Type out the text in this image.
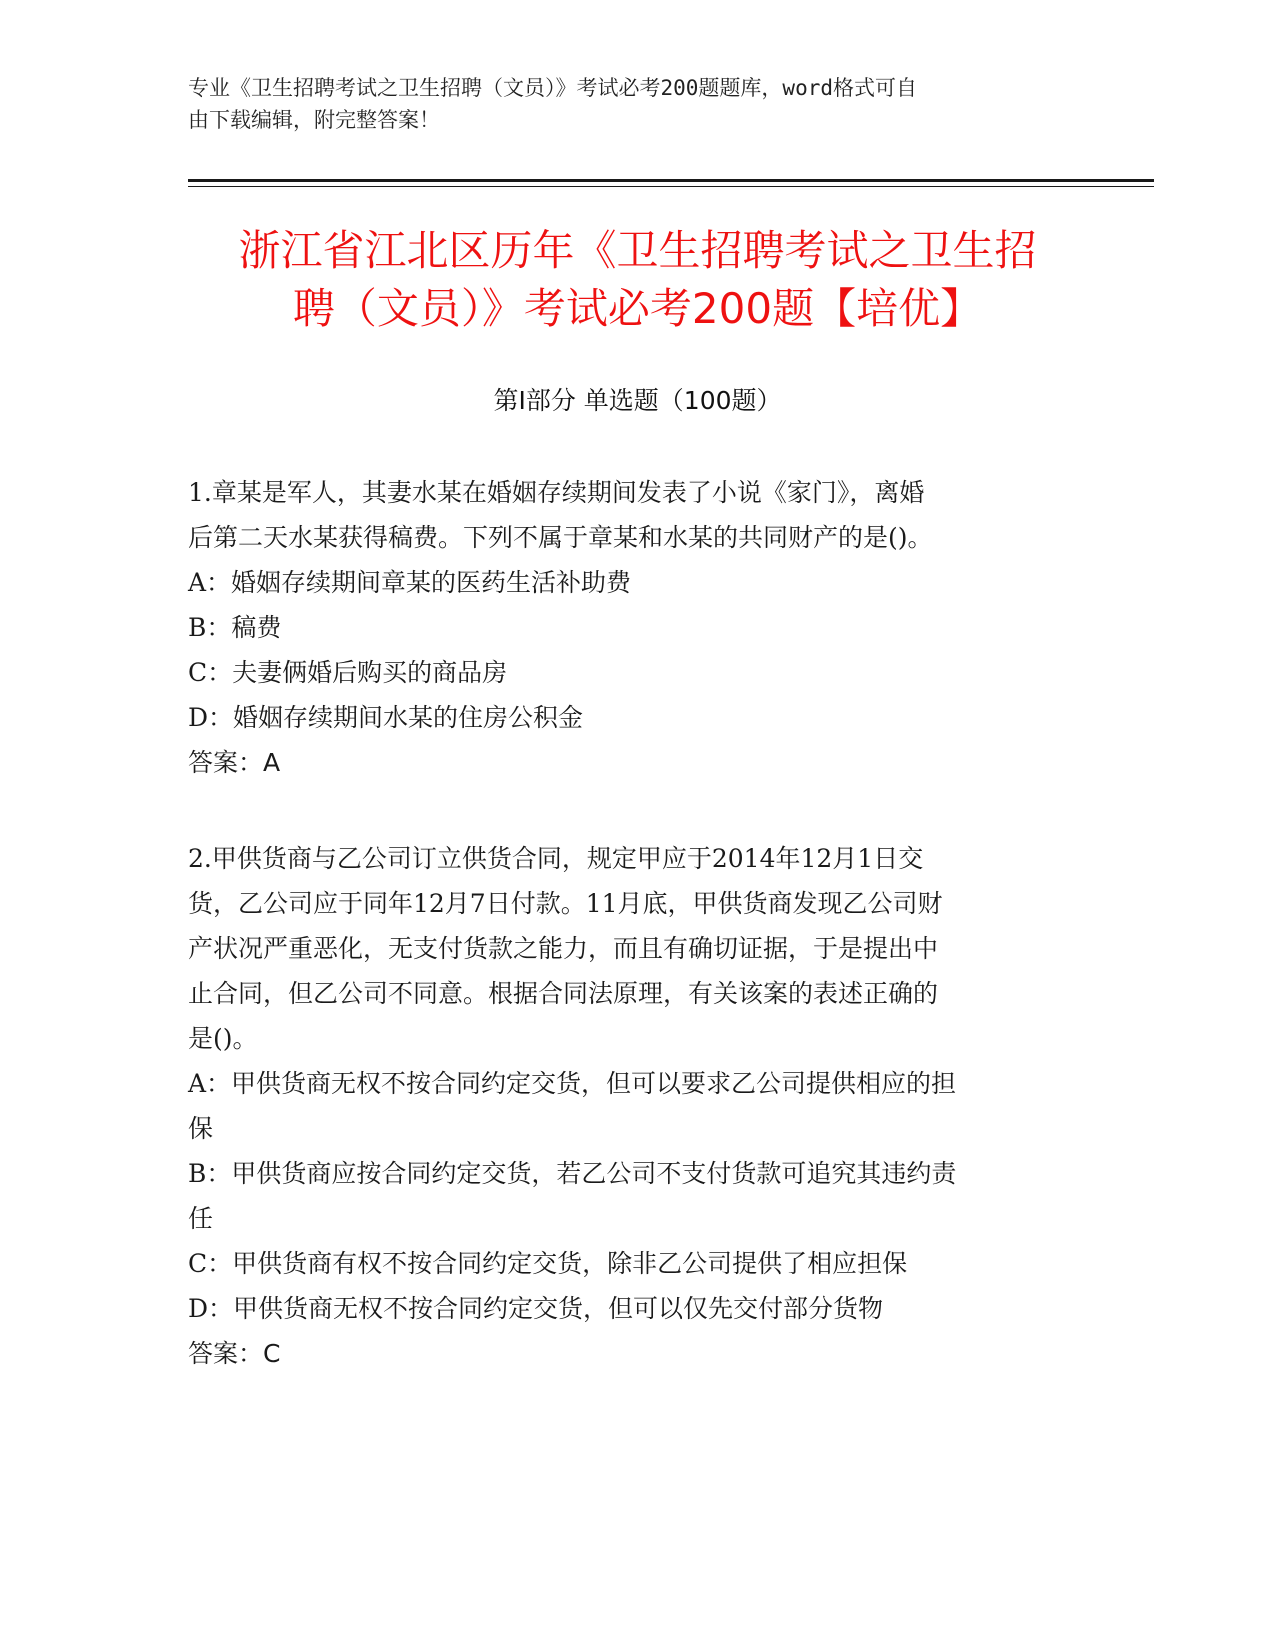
专业《卫生招聘考试之卫生招聘（文员）》考试必考200题题库，word格式可自
由下载编辑，附完整答案！
浙江省江北区历年《卫生招聘考试之卫生招
聘（文员）》考试必考200题【培优】
第Ⅰ部分 单选题（100题）
1.章某是军人，其妻水某在婚姻存续期间发表了小说《家门》，离婚
后第二天水某获得稿费。下列不属于章某和水某的共同财产的是()。
A：婚姻存续期间章某的医药生活补助费
B：稿费
C：夫妻俩婚后购买的商品房
D：婚姻存续期间水某的住房公积金
答案：A
2.甲供货商与乙公司订立供货合同，规定甲应于2014年12月1日交
货，乙公司应于同年12月7日付款。11月底，甲供货商发现乙公司财
产状况严重恶化，无支付货款之能力，而且有确切证据，于是提出中
止合同，但乙公司不同意。根据合同法原理，有关该案的表述正确的
是()。
A：甲供货商无权不按合同约定交货，但可以要求乙公司提供相应的担
保
B：甲供货商应按合同约定交货，若乙公司不支付货款可追究其违约责
任
C：甲供货商有权不按合同约定交货，除非乙公司提供了相应担保
D：甲供货商无权不按合同约定交货，但可以仅先交付部分货物
答案：C
